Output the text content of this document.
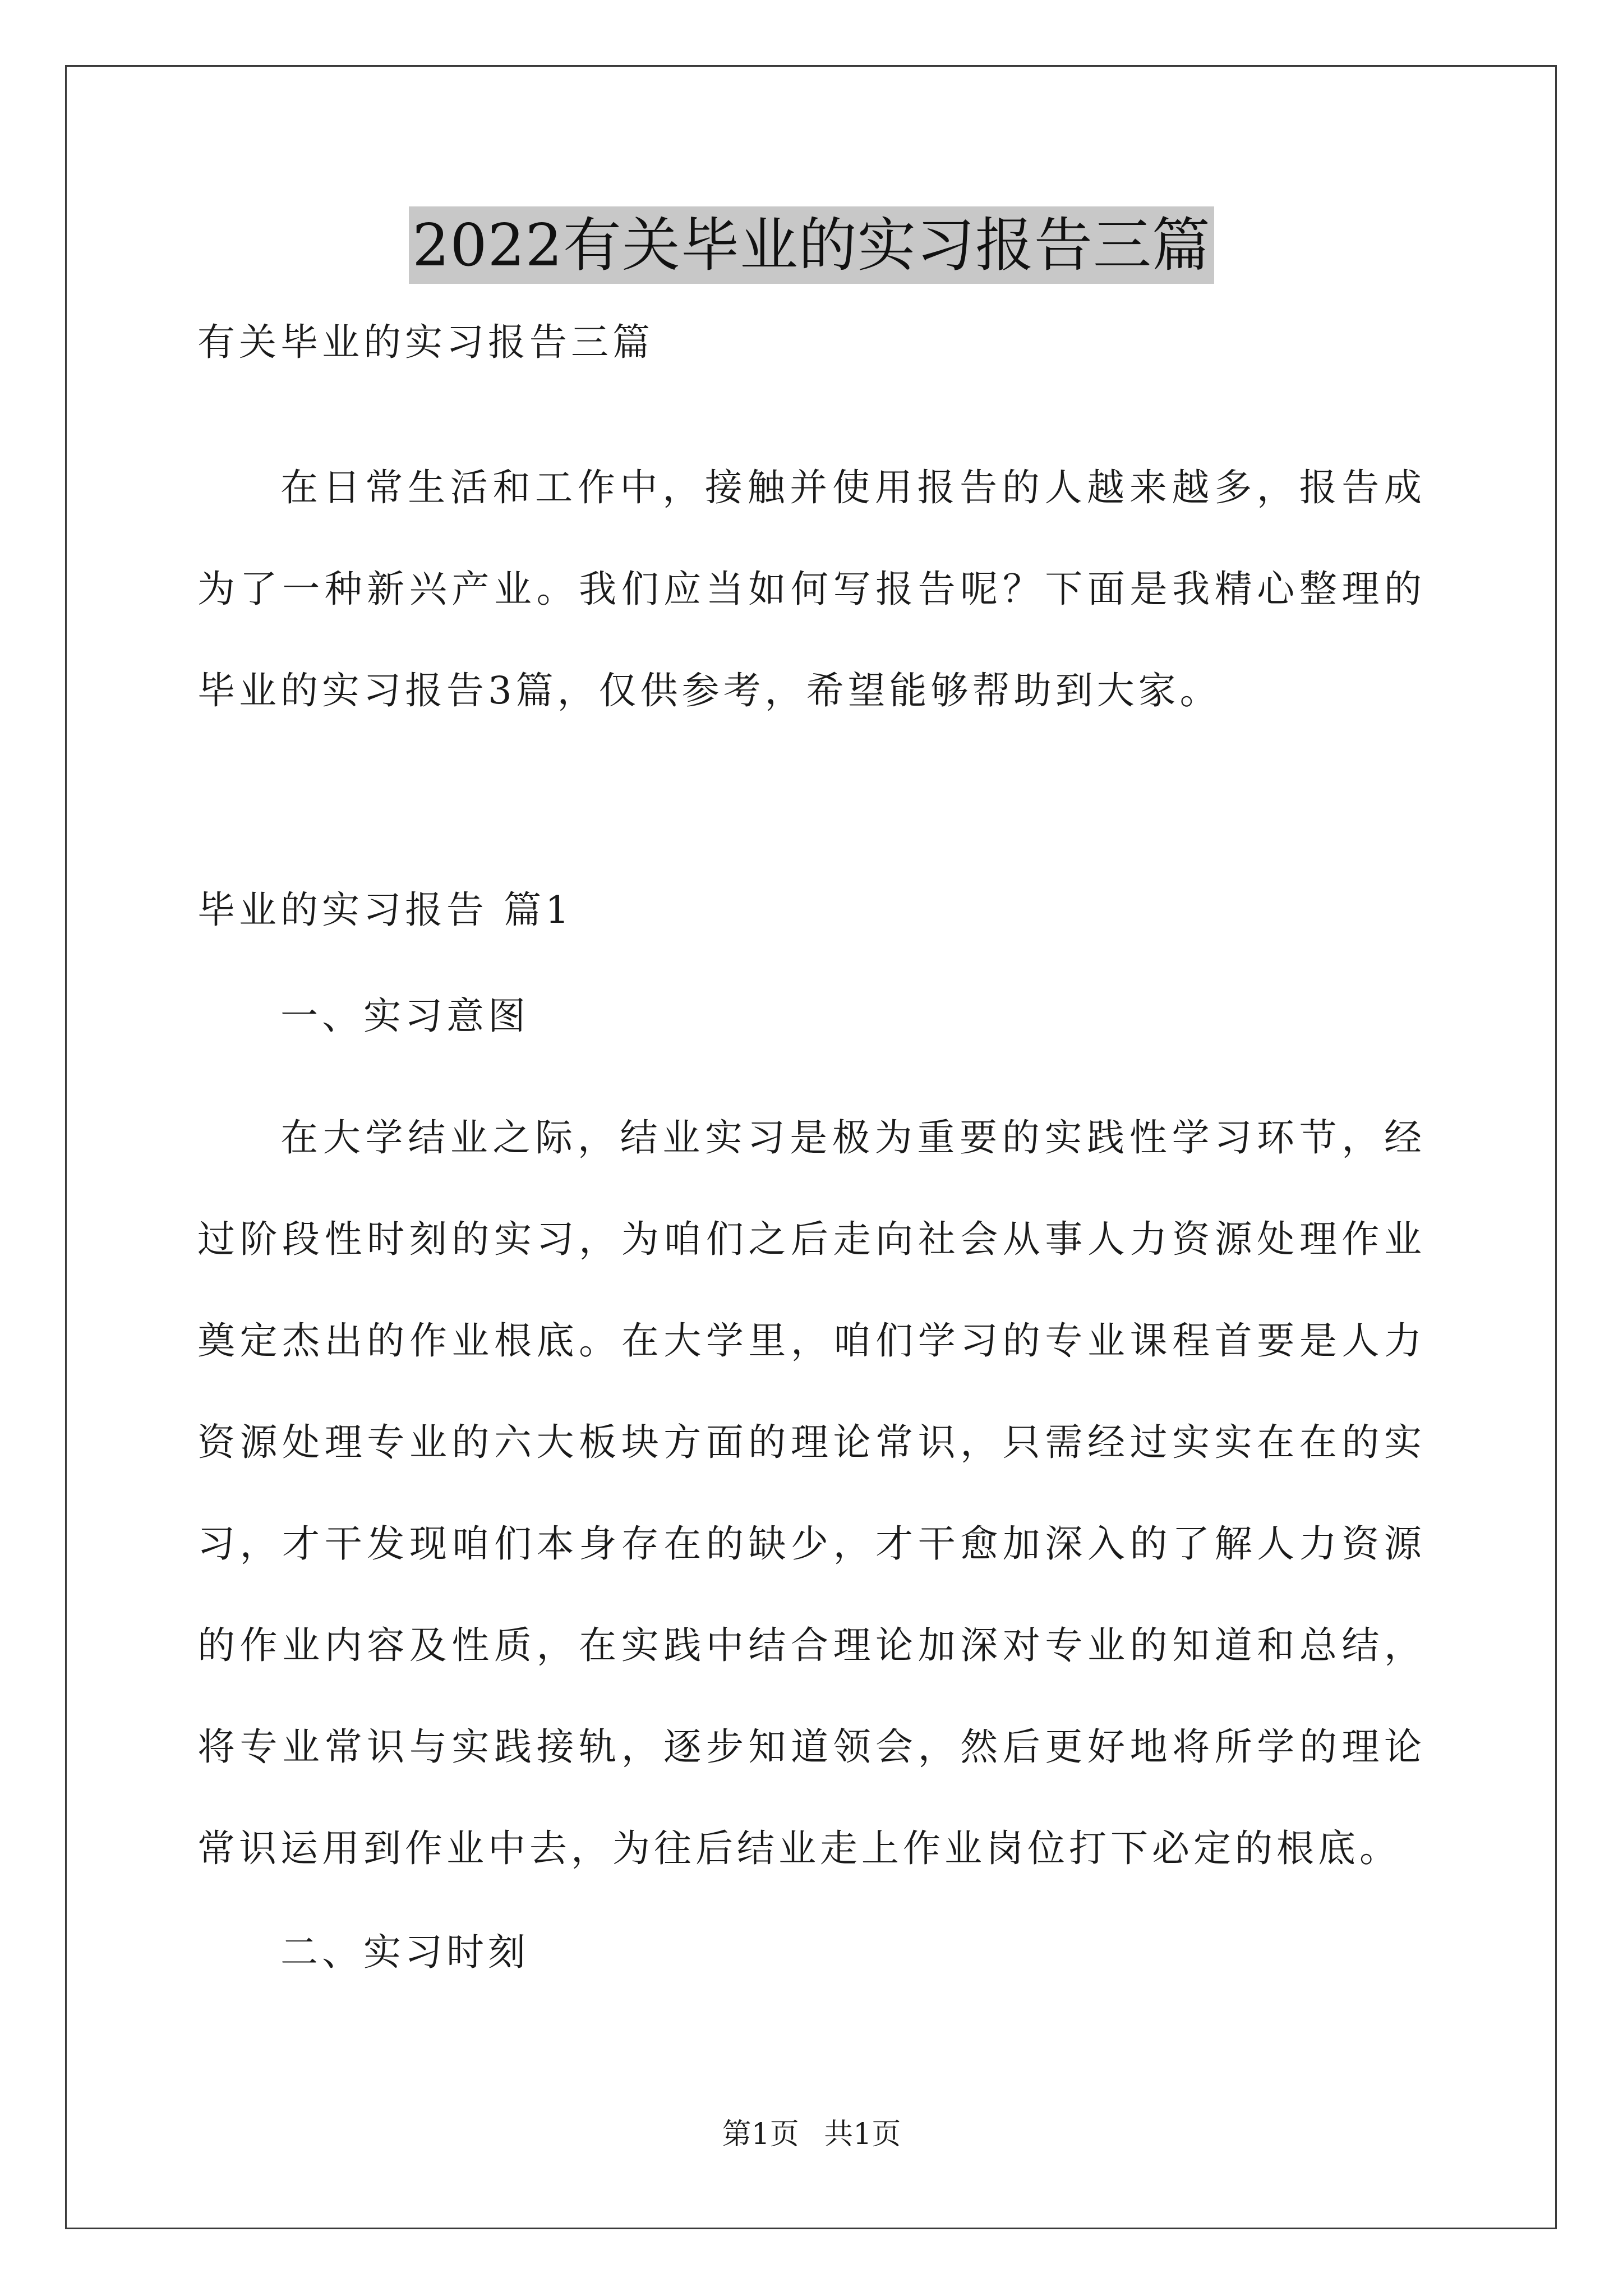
2022有关毕业的实习报告三篇

有关毕业的实习报告三篇

在日常生活和工作中，接触并使用报告的人越来越多，报告成为了一种新兴产业。我们应当如何写报告呢？下面是我精心整理的毕业的实习报告3篇，仅供参考，希望能够帮助到大家。

毕业的实习报告 篇1

一、实习意图

在大学结业之际，结业实习是极为重要的实践性学习环节，经过阶段性时刻的实习，为咱们之后走向社会从事人力资源处理作业奠定杰出的作业根底。在大学里，咱们学习的专业课程首要是人力资源处理专业的六大板块方面的理论常识，只需经过实实在在的实习，才干发现咱们本身存在的缺少，才干愈加深入的了解人力资源的作业内容及性质，在实践中结合理论加深对专业的知道和总结，将专业常识与实践接轨，逐步知道领会，然后更好地将所学的理论常识运用到作业中去，为往后结业走上作业岗位打下必定的根底。

二、实习时刻

第1页 共1页
